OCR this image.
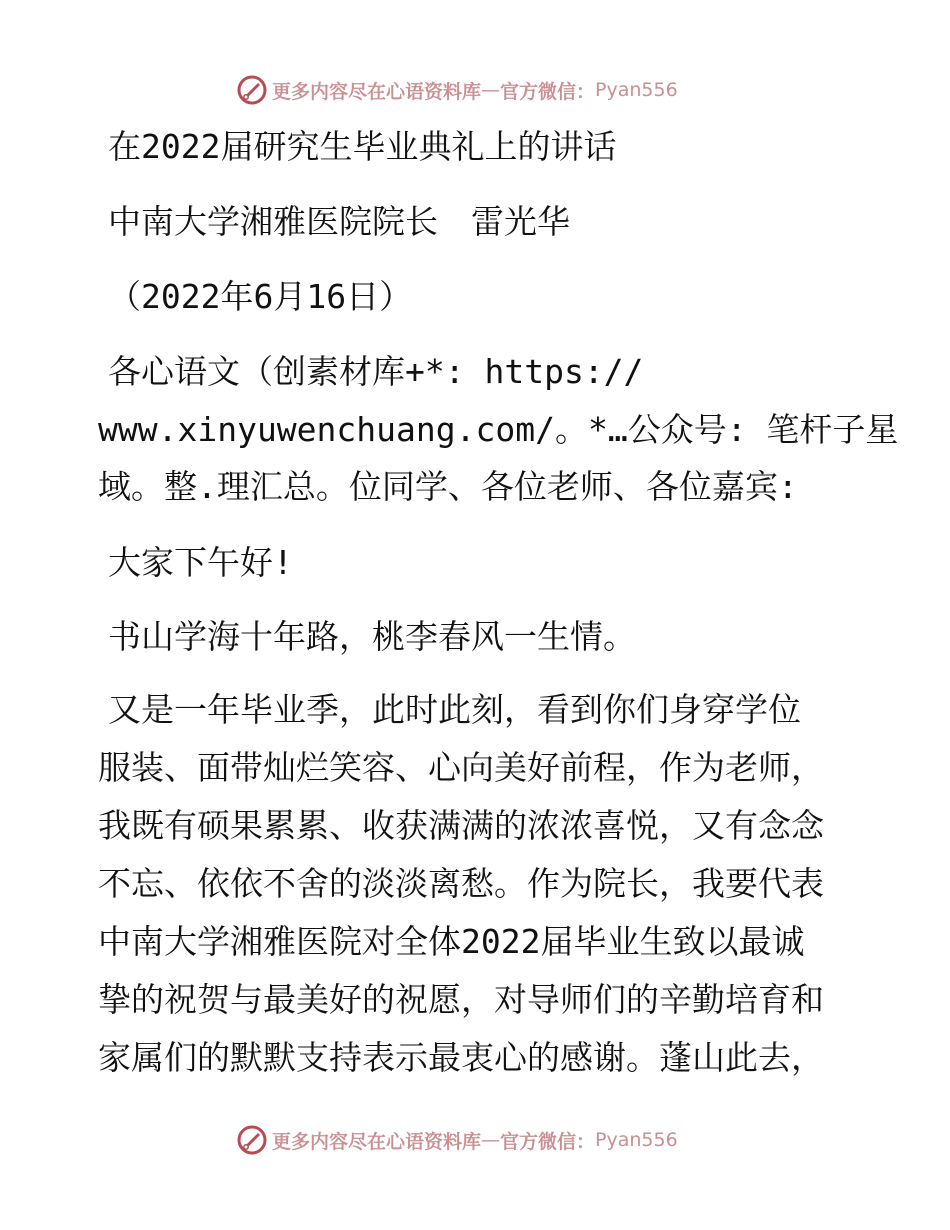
更多内容尽在心语资料库 — 官方微信： Pyan556
在2022届研究生毕业典礼上的讲话
中南大学湘雅医院院长　雷光华
（2022年6月16日）
各心语文（创素材库+*: https://
www.xinyuwenchuang.com/。*…公众号: 笔杆子星
域。整.理汇总。位同学、各位老师、各位嘉宾:
大家下午好!
书山学海十年路，桃李春风一生情。
又是一年毕业季，此时此刻，看到你们身穿学位
服装、面带灿烂笑容、心向美好前程，作为老师，
我既有硕果累累、收获满满的浓浓喜悦，又有念念
不忘、依依不舍的淡淡离愁。作为院长，我要代表
中南大学湘雅医院对全体2022届毕业生致以最诚
挚的祝贺与最美好的祝愿，对导师们的辛勤培育和
家属们的默默支持表示最衷心的感谢。蓬山此去，
更多内容尽在心语资料库 — 官方微信： Pyan556
